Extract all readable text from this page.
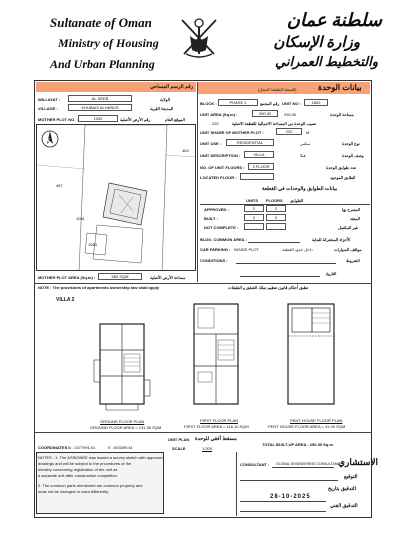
Sultanate of Oman
Ministry of Housing
And Urban Planning
سلطنة عمان
وزارة الإسكان
والتخطيط العمراني
رقم الرسم المساحي
WILLAYAT :	AL SEEB	الولاية
VILLAGE :	KHUBAIS ALHABUS	المدينة/ القرية
MOTHER PLOT NO. :	1052	رقم الأرض الأصلية	الموقع العام
N
464
487
1063
1061
MOTHER PLOT AREA (Sq.m) :	560 SQM	مساحة الأرض الأصلية
بيانات الوحدة
(الشقة/ الطبقة/ المحل)
BLOCK :	PHASE 1	UNIT NO :	1802
رقم المجمع
UNIT AREA (Sq.m) :	290.30	290.30	مساحة الوحدة
220	نصيب الوحدة من المساحة الاجمالية للقطعة الاصلية
UNIT SHARE OF MOTHER PLOT :	220	M
UNIT USE :	RESIDENTIAL	سكني	نوع الوحدة
UNIT DESCRIPTION :	VILLA	فيلا	وصف الوحدة
NO. OF UNIT FLOORS :	3 FLOOR	عدد طوابق الوحدة
LOCATED FLOOR :	الطابق الموجود
بيانات الطوابق والوحدات في القطعة
UNITS FLOORS الطوابق
APPROVED :	2	2	المصرح بها
BUILT :	2	2	المنفذ
NOT COMPLETE :	غير المكتمل
BLDG. COMMON AREA :	الأجزاء المشتركة للبناية
CAR PARKING : INSIDE PLOT	داخل حدود القطعة	مواقف السيارات
CONDITIONS :	الشروط
التاريخ
NOTE : The provisions of apartments ownership law shall apply	تطبق أحكام قانون تنظيم تملك الشقق و الطبقات
VILLA 2
GROUND FLOOR PLAN
GROUND FLOOR AREA = 131.30 SQM
FIRST FLOOR PLAN
FIRST FLOOR AREA = 116.10 SQM
PENT HOUSE FLOOR PLAN
PENT HOUSE FLOOR AREA = 41.90 SQM
COORDINATES :
N : 2477991.61	E : 603399.61
UNIT PLAN مسقط أفقي للوحدة
SCALE	1:200
TOTAL BUILT-UP AREA : 290.30 Sq.m
NOTES : 1. The ASSIGNEE was issued a survey sketch with approved
drawings and will be subject to the procedures of the
ministry concerning registration of the unit as
a separate unit after construction completion.
2. The common parts mentioned are common property and
must not be changed or used differently.
CONSULTANT : GLOBAL ENGINEERING CONSULTANCY
الاستشاري
التوقيع
التدقيق بتاريخ
28-10-2025
التدقيق الفني
